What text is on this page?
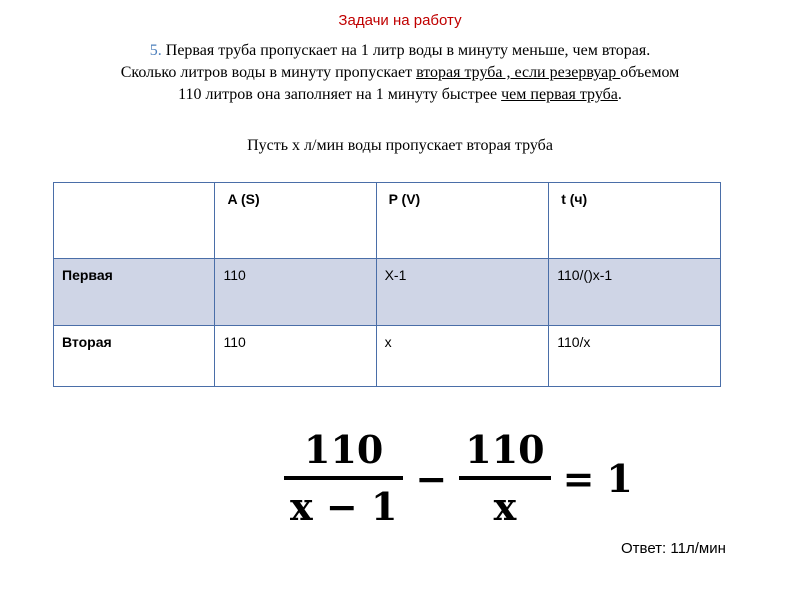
Задачи на работу
5. Первая труба пропускает на 1 литр воды в минуту меньше, чем вторая.
Сколько литров воды в минуту пропускает вторая труба , если резервуар объемом
110 литров она заполняет на 1 минуту быстрее чем первая труба.
Пусть х л/мин воды пропускает вторая труба
	A (S)	P (V)	t (ч)
Первая	110	Х-1	110/()х-1
Вторая	110	х	110/х
$\frac{110}{x - 1} - \frac{110}{x} = 1$
Ответ: 11л/мин
